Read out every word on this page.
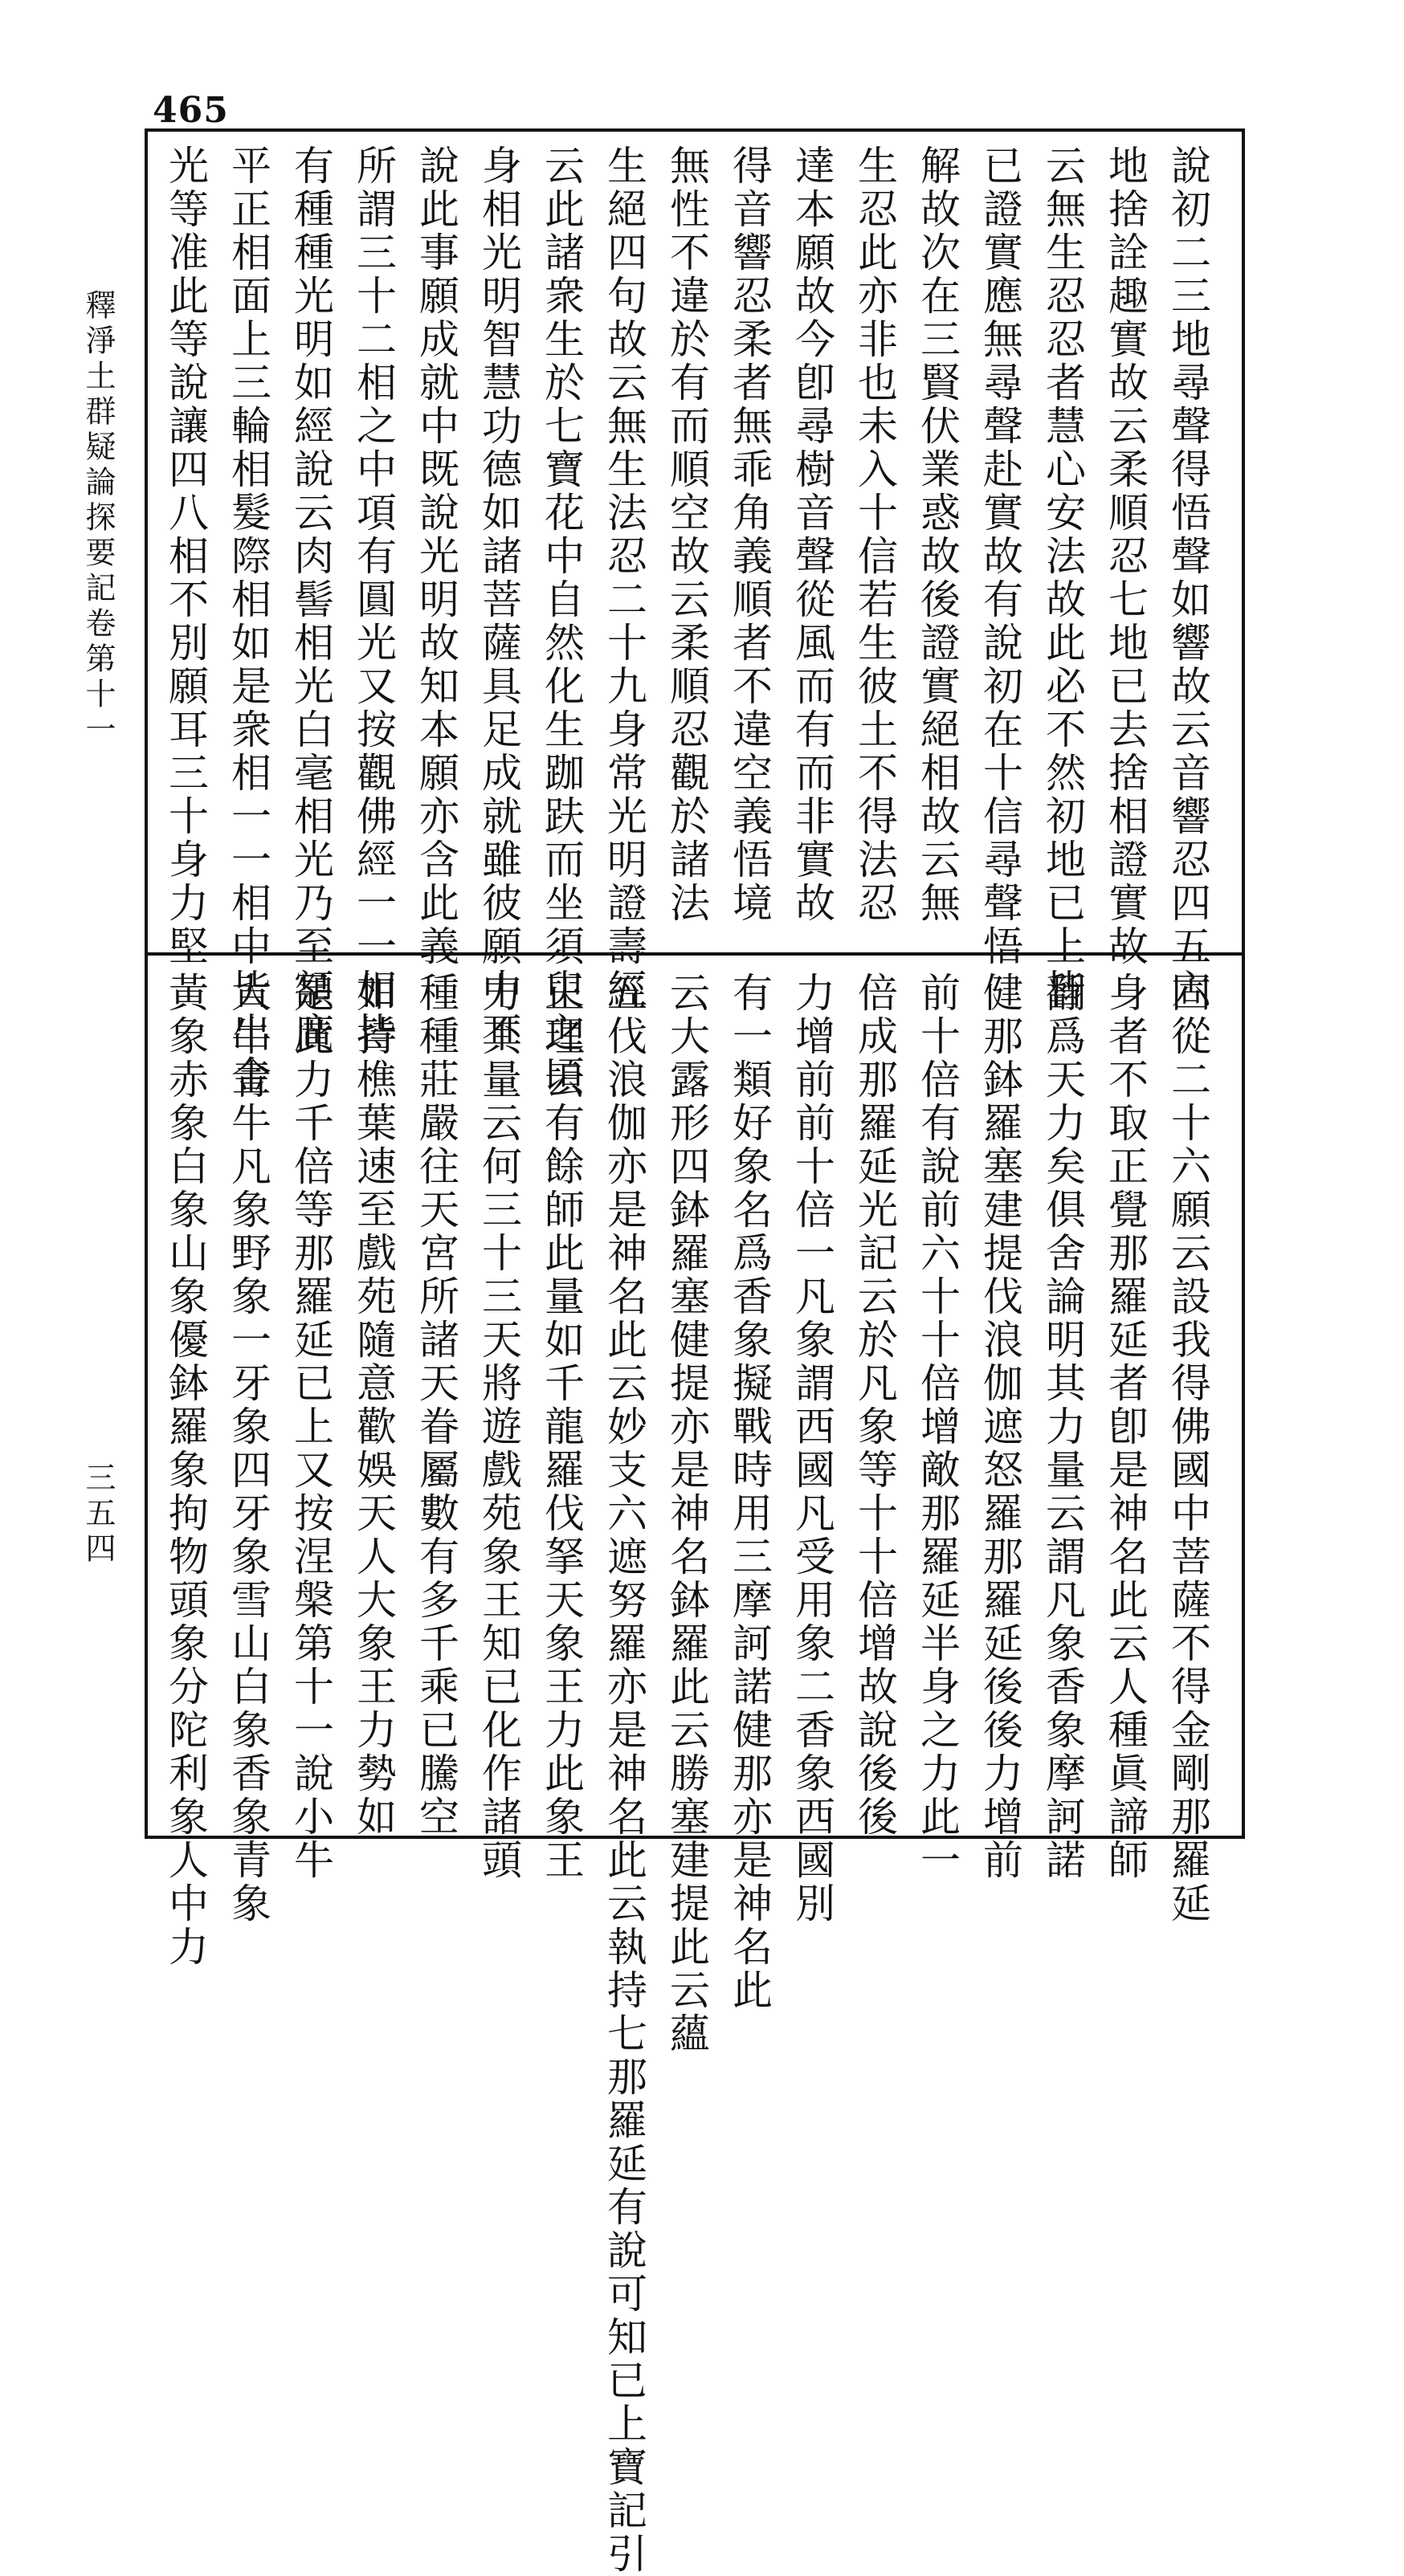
465
說初二三地尋聲得悟聲如響故云音響忍四五六
地捨詮趣實故云柔順忍七地已去捨相證實故
云無生忍忍者慧心安法故此必不然初地已上皆
已證實應無尋聲赴實故有說初在十信尋聲悟
解故次在三賢伏業惑故後證實絕相故云無
生忍此亦非也未入十信若生彼土不得法忍
達本願故今卽尋樹音聲從風而有而非實故
得音響忍柔者無乖角義順者不違空義悟境
無性不違於有而順空故云柔順忍觀於諸法
生絕四句故云無生法忍二十九身常光明證壽經
云此諸衆生於七寶花中自然化生跏趺而坐須臾之頃
身相光明智慧功德如諸菩薩具足成就雖彼願中不
說此事願成就中既說光明故知本願亦含此義
所謂三十二相之中項有圓光又按觀佛經一一相皆
有種種光明如經說云肉髻相光白毫相光乃至額廣
平正相面上三輪相髮際相如是衆相一一相中皆出金
光等准此等說讓四八相不別願耳三十身力堅
固從二十六願云設我得佛國中菩薩不得金剛那羅延
身者不取正覺那羅延者卽是神名此云人種眞諦師
翻爲天力矣俱舍論明其力量云謂凡象香象摩訶諾
健那鉢羅塞建提伐浪伽遮怒羅那羅延後後力增前
前十倍有說前六十十倍增敵那羅延半身之力此一
倍成那羅延光記云於凡象等十十倍增故說後後
力增前前十倍一凡象謂西國凡受用象二香象西國別
有一類好象名爲香象擬戰時用三摩訶諾健那亦是神名此
云大露形四鉢羅塞健提亦是神名鉢羅此云勝塞建提此云蘊
五伐浪伽亦是神名此云妙支六遮努羅亦是神名此云執持七那羅延有說可知已上寶記引
正理云有餘師此量如千龍羅伐拏天象王力此象王
力其量云何三十三天將遊戲苑象王知已化作諸頭
種種莊嚴往天宮所諸天眷屬數有多千乘已騰空
如持樵葉速至戲苑隨意歡娛天人大象王力勢如
是此力千倍等那羅延已上又按涅槃第十一說小牛
大牛青牛凡象野象一牙象四牙象雪山白象香象青象
黃象赤象白象山象優鉢羅象拘物頭象分陀利象人中力
釋淨土群疑論探要記卷第十一
三五四
